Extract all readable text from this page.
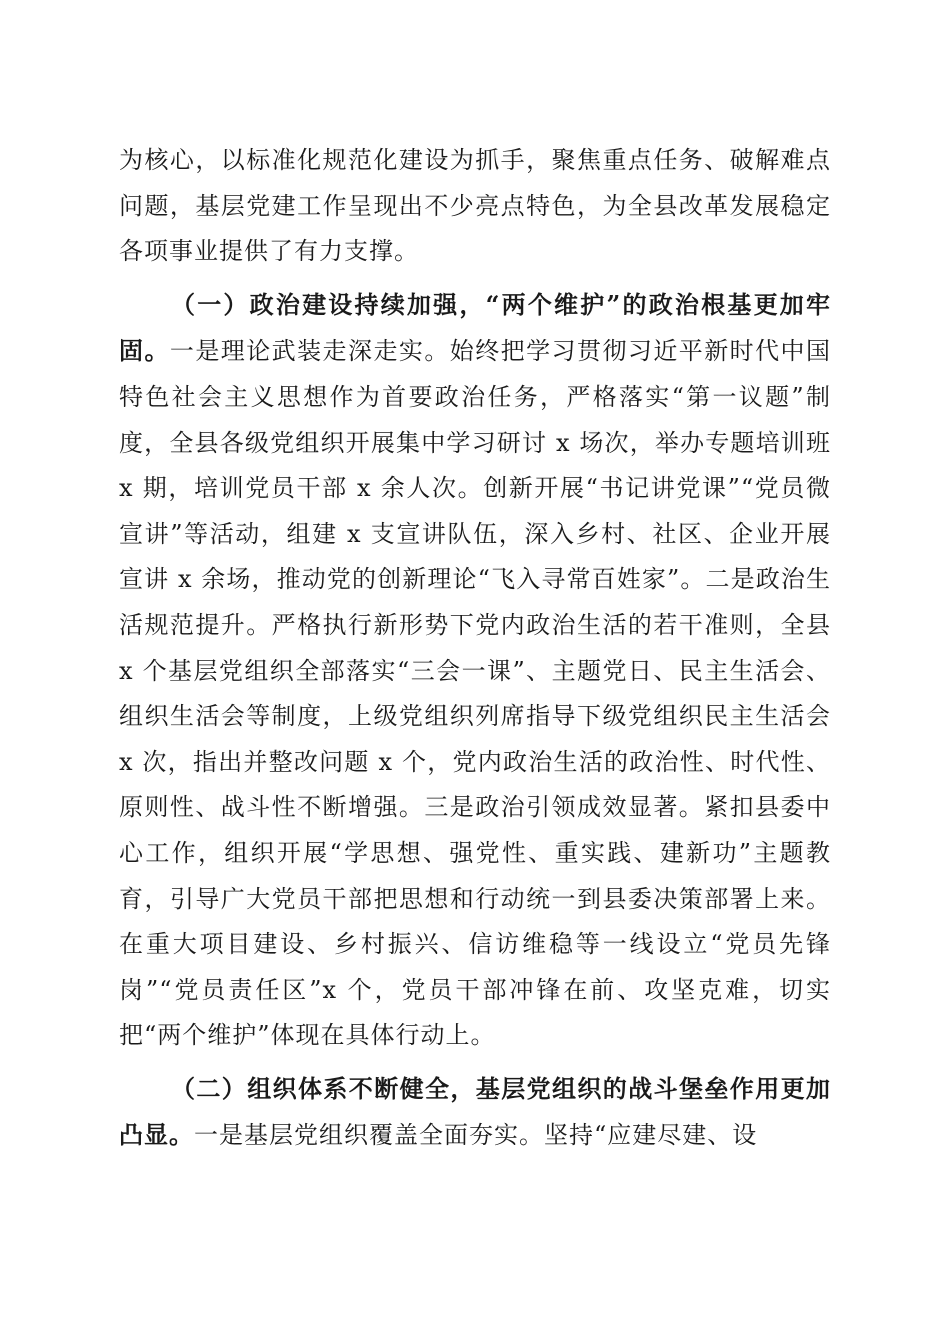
为核心，以标准化规范化建设为抓手，聚焦重点任务、破解难点问题，基层党建工作呈现出不少亮点特色，为全县改革发展稳定各项事业提供了有力支撑。

（一）政治建设持续加强，“两个维护”的政治根基更加牢固。一是理论武装走深走实。始终把学习贯彻习近平新时代中国特色社会主义思想作为首要政治任务，严格落实“第一议题”制度，全县各级党组织开展集中学习研讨 x 场次，举办专题培训班 x 期，培训党员干部 x 余人次。创新开展“书记讲党课”“党员微宣讲”等活动，组建 x 支宣讲队伍，深入乡村、社区、企业开展宣讲 x 余场，推动党的创新理论“飞入寻常百姓家”。二是政治生活规范提升。严格执行新形势下党内政治生活的若干准则，全县 x 个基层党组织全部落实“三会一课”、主题党日、民主生活会、组织生活会等制度，上级党组织列席指导下级党组织民主生活会 x 次，指出并整改问题 x 个，党内政治生活的政治性、时代性、原则性、战斗性不断增强。三是政治引领成效显著。紧扣县委中心工作，组织开展“学思想、强党性、重实践、建新功”主题教育，引导广大党员干部把思想和行动统一到县委决策部署上来。在重大项目建设、乡村振兴、信访维稳等一线设立“党员先锋岗”“党员责任区”x 个，党员干部冲锋在前、攻坚克难，切实把“两个维护”体现在具体行动上。

（二）组织体系不断健全，基层党组织的战斗堡垒作用更加凸显。一是基层党组织覆盖全面夯实。坚持“应建尽建、设
